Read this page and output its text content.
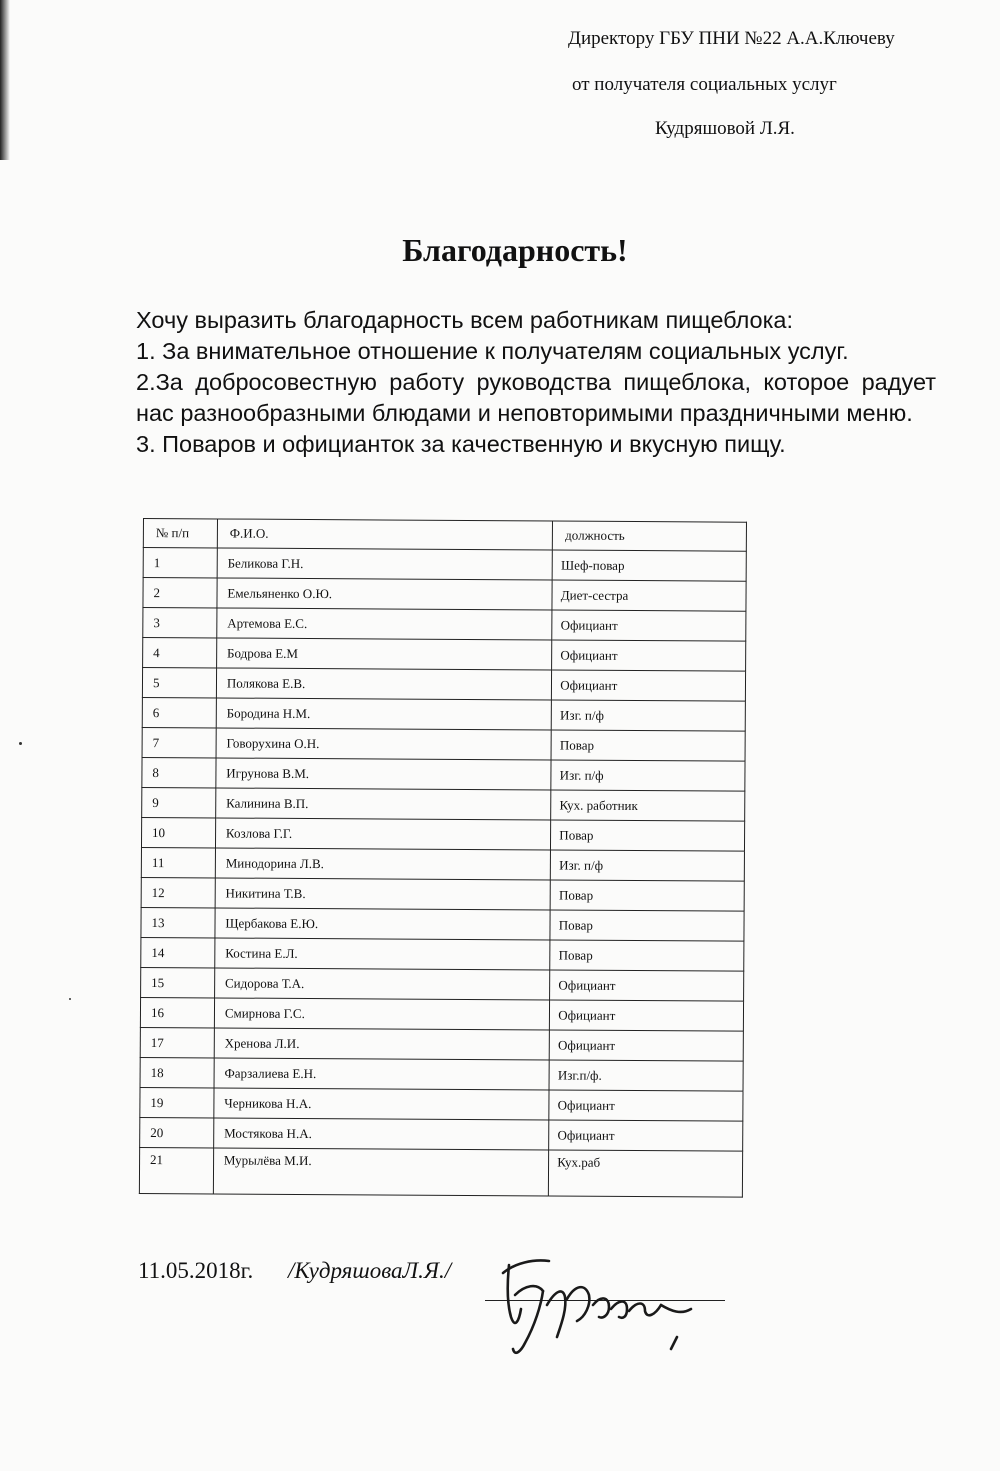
Директору ГБУ ПНИ №22 А.А.Ключеву
от получателя социальных услуг
Кудряшовой Л.Я.
Благодарность!

Хочу выразить благодарность всем работникам пищеблока:

1. За внимательное отношение к получателям социальных услуг.

2.За добросовестную работу руководства пищеблока, которое радует нас разнообразными блюдами и неповторимыми праздничными меню.

3. Поваров и официанток за качественную и вкусную пищу.

№ п/п	Ф.И.О.	должность
1	Беликова Г.Н.	Шеф-повар
2	Емельяненко О.Ю.	Диет-сестра
3	Артемова Е.С.	Официант
4	Бодрова Е.М	Официант
5	Полякова Е.В.	Официант
6	Бородина Н.М.	Изг. п/ф
7	Говорухина О.Н.	Повар
8	Игрунова В.М.	Изг. п/ф
9	Калинина В.П.	Кух. работник
10	Козлова Г.Г.	Повар
11	Минодорина Л.В.	Изг. п/ф
12	Никитина Т.В.	Повар
13	Щербакова Е.Ю.	Повар
14	Костина Е.Л.	Повар
15	Сидорова Т.А.	Официант
16	Смирнова Г.С.	Официант
17	Хренова Л.И.	Официант
18	Фарзалиева Е.Н.	Изг.п/ф.
19	Черникова Н.А.	Официант
20	Мостякова Н.А.	Официант
21	Мурылёва М.И.	Кух.раб
11.05.2018г. /КудряшоваЛ.Я./
